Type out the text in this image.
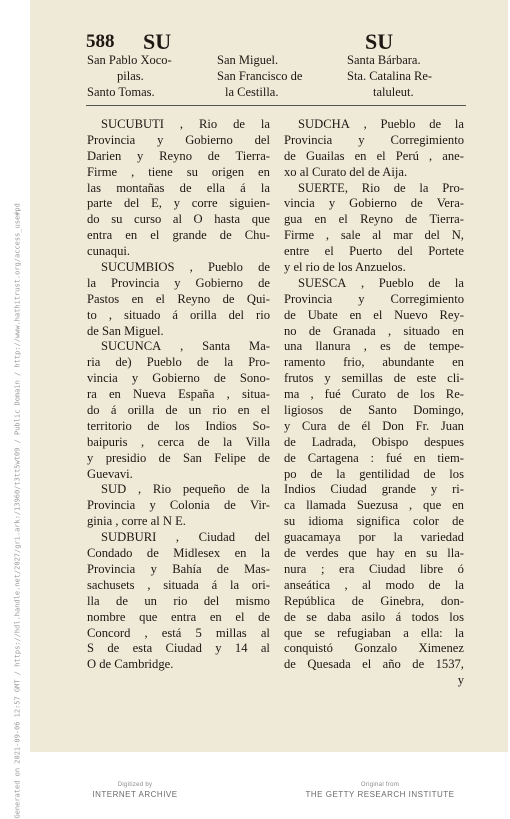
Generated on 2021-09-06 12:57 GMT / https://hdl.handle.net/2027/gri.ark:/13960/t3tt5wt09 / Public Domain / http://www.hathitrust.org/access_use#pd
588 SU	SU
San Pablo Xoco-
pilas.
Santo Tomas.
San Miguel.
San Francisco de
la Cestilla.
Santa Bárbara.
Sta. Catalina Re-
taluleut.
SUCUBUTI , Rio de la
Provincia y Gobierno del
Darien y Reyno de Tierra-
Firme , tiene su origen en
las montañas de ella á la
parte del E, y corre siguien-
do su curso al O hasta que
entra en el grande de Chu-
cunaqui.
SUCUMBIOS , Pueblo de
la Provincia y Gobierno de
Pastos en el Reyno de Qui-
to , situado á orilla del rio
de San Miguel.
SUCUNCA , Santa Ma-
ria de) Pueblo de la Pro-
vincia y Gobierno de Sono-
ra en Nueva España , situa-
do á orilla de un rio en el
territorio de los Indios So-
baipuris , cerca de la Villa
y presidio de San Felipe de
Guevavi.
SUD , Rio pequeño de la
Provincia y Colonia de Vir-
ginia , corre al N E.
SUDBURI , Ciudad del
Condado de Midlesex en la
Provincia y Bahía de Mas-
sachusets , situada á la ori-
lla de un rio del mismo
nombre que entra en el de
Concord , está 5 millas al
S de esta Ciudad y 14 al
O de Cambridge.
SUDCHA , Pueblo de la
Provincia y Corregimiento
de Guailas en el Perú , ane-
xo al Curato del de Aija.
SUERTE, Rio de la Pro-
vincia y Gobierno de Vera-
gua en el Reyno de Tierra-
Firme , sale al mar del N,
entre el Puerto del Portete
y el rio de los Anzuelos.
SUESCA , Pueblo de la
Provincia y Corregimiento
de Ubate en el Nuevo Rey-
no de Granada , situado en
una llanura , es de tempe-
ramento frio, abundante en
frutos y semillas de este cli-
ma , fué Curato de los Re-
ligiosos de Santo Domingo,
y Cura de él Don Fr. Juan
de Ladrada, Obispo despues
de Cartagena : fué en tiem-
po de la gentilidad de los
Indios Ciudad grande y ri-
ca llamada Suezusa , que en
su idioma significa color de
guacamaya por la variedad
de verdes que hay en su lla-
nura ; era Ciudad libre ó
anseática , al modo de la
República de Ginebra, don-
de se daba asilo á todos los
que se refugiaban a ella: la
conquistó Gonzalo Ximenez
de Quesada el año de 1537,
y
Digitized by
INTERNET ARCHIVE
Original from
THE GETTY RESEARCH INSTITUTE
